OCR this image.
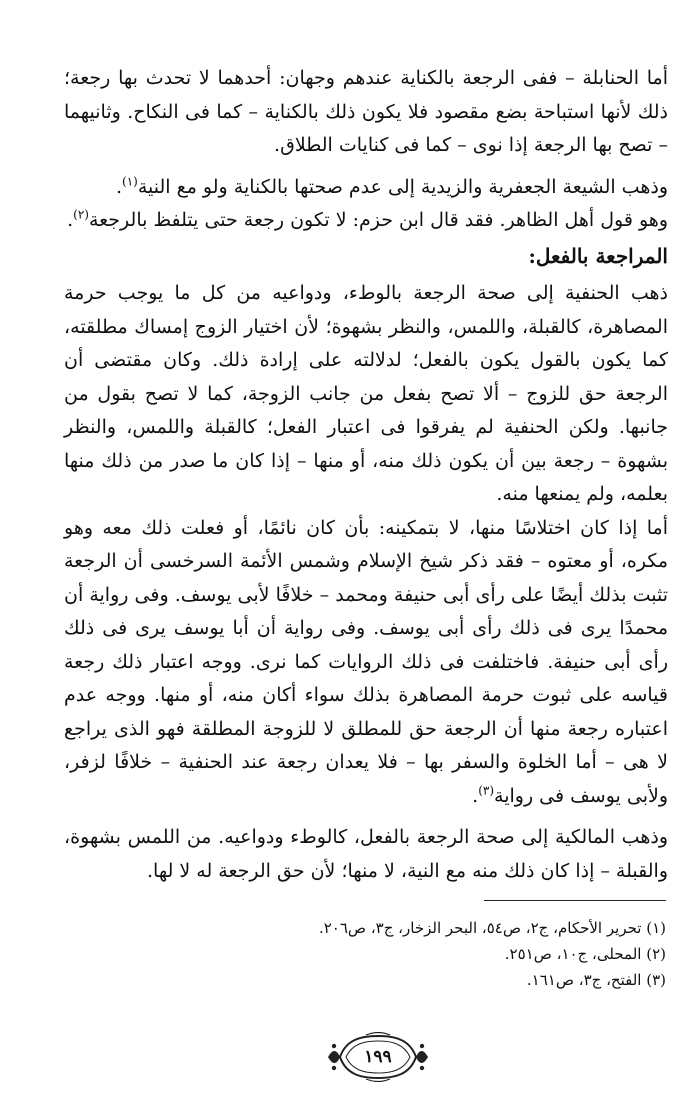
أما الحنابلة – ففى الرجعة بالكناية عندهم وجهان: أحدهما لا تحدث بها رجعة؛ ذلك لأنها استباحة بضع مقصود فلا يكون ذلك بالكناية – كما فى النكاح. وثانيهما – تصح بها الرجعة إذا نوى – كما فى كنايات الطلاق.

وذهب الشيعة الجعفرية والزيدية إلى عدم صحتها بالكناية ولو مع النية$^{(١)}$.

وهو قول أهل الظاهر. فقد قال ابن حزم: لا تكون رجعة حتى يتلفظ بالرجعة$^{(٢)}$.

المراجعة بالفعل:

ذهب الحنفية إلى صحة الرجعة بالوطء، ودواعيه من كل ما يوجب حرمة المصاهرة، كالقبلة، واللمس، والنظر بشهوة؛ لأن اختيار الزوج إمساك مطلقته، كما يكون بالقول يكون بالفعل؛ لدلالته على إرادة ذلك. وكان مقتضى أن الرجعة حق للزوج – ألا تصح بفعل من جانب الزوجة، كما لا تصح بقول من جانبها. ولكن الحنفية لم يفرقوا فى اعتبار الفعل؛ كالقبلة واللمس، والنظر بشهوة – رجعة بين أن يكون ذلك منه، أو منها – إذا كان ما صدر من ذلك منها بعلمه، ولم يمنعها منه.

أما إذا كان اختلاسًا منها، لا بتمكينه: بأن كان نائمًا، أو فعلت ذلك معه وهو مكره، أو معتوه – فقد ذكر شيخ الإسلام وشمس الأئمة السرخسى أن الرجعة تثبت بذلك أيضًا على رأى أبى حنيفة ومحمد – خلافًا لأبى يوسف. وفى رواية أن محمدًا يرى فى ذلك رأى أبى يوسف. وفى رواية أن أبا يوسف يرى فى ذلك رأى أبى حنيفة. فاختلفت فى ذلك الروايات كما نرى. ووجه اعتبار ذلك رجعة قياسه على ثبوت حرمة المصاهرة بذلك سواء أكان منه، أو منها. ووجه عدم اعتباره رجعة منها أن الرجعة حق للمطلق لا للزوجة المطلقة فهو الذى يراجع لا هى – أما الخلوة والسفر بها – فلا يعدان رجعة عند الحنفية – خلافًا لزفر، ولأبى يوسف فى رواية$^{(٣)}$.

وذهب المالكية إلى صحة الرجعة بالفعل، كالوطء ودواعيه. من اللمس بشهوة، والقبلة – إذا كان ذلك منه مع النية، لا منها؛ لأن حق الرجعة له لا لها.

(١) تحرير الأحكام، ج٢، ص٥٤، البحر الزخار، ج٣، ص٢٠٦.
(٢) المحلى، ج١٠، ص٢٥١.
(٣) الفتح، ج٣، ص١٦١.
١٩٩
